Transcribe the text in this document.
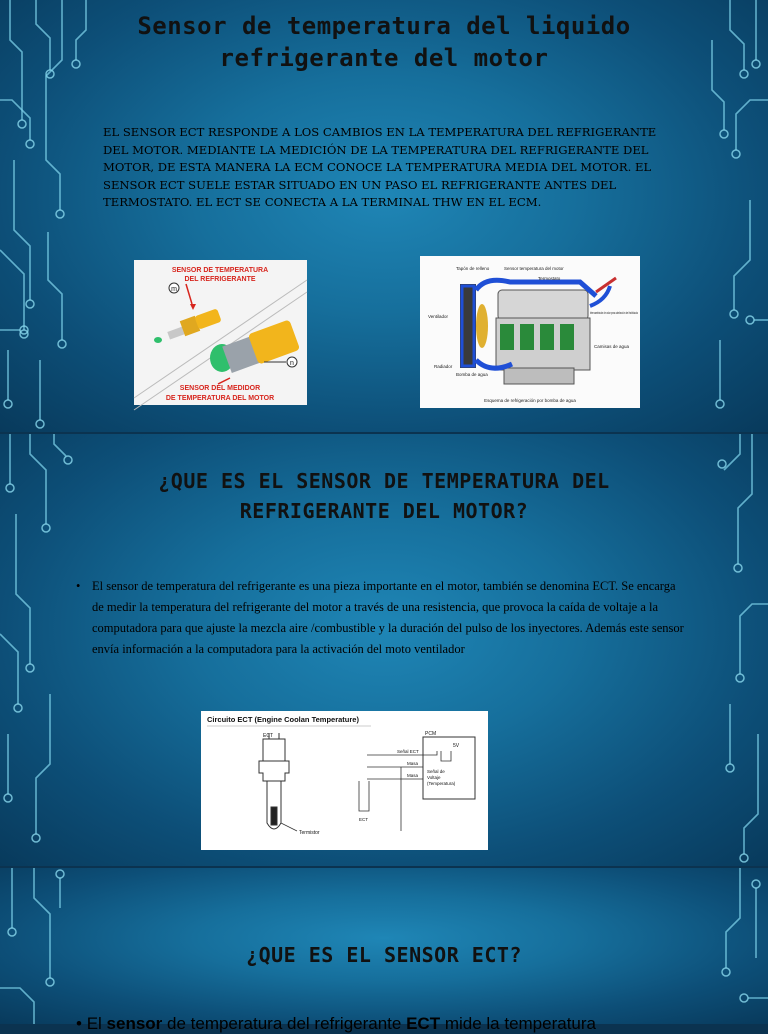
Sensor de temperatura del liquido
refrigerante del motor
EL SENSOR ECT RESPONDE A LOS CAMBIOS EN LA TEMPERATURA DEL REFRIGERANTE DEL MOTOR. MEDIANTE LA MEDICIÓN DE LA TEMPERATURA DEL REFRIGERANTE DEL MOTOR, DE ESTA MANERA LA ECM CONOCE LA TEMPERATURA MEDIA DEL MOTOR. EL SENSOR ECT SUELE ESTAR SITUADO EN UN PASO EL REFRIGERANTE ANTES DEL TERMOSTATO. EL ECT SE CONECTA A LA TERMINAL THW EN EL ECM.
SENSOR DE TEMPERATURA
DEL REFRIGERANTE
m
n
SENSOR DEL MEDIDOR
DE TEMPERATURA DEL MOTOR
Tapón de relleno	Sensor temperatura del motor
Termostato
Intercambiador de calor para calefacción del habitáculo
Ventilador
Camisas de agua
Radiador
Bomba de agua
Esquema de refrigeración por bomba de agua
¿QUE ES EL SENSOR DE TEMPERATURA DEL
REFRIGERANTE DEL MOTOR?
• El sensor de temperatura del refrigerante es una pieza importante en el motor, también se denomina ECT. Se encarga de medir la temperatura del refrigerante del motor a través de una resistencia, que provoca la caída de voltaje a la computadora para que ajuste la mezcla aire /combustible y la duración del pulso de los inyectores. Además este sensor envía información a la computadora para la activación del moto ventilador
Circuito ECT (Engine Coolan Temperature)
ECT
Termistor
PCM
5V
Señal de
Voltaje
(Temperatura)
Señal ECT
Masa
Masa
ECT
¿QUE ES EL SENSOR ECT?
• El sensor de temperatura del refrigerante ECT mide la temperatura
